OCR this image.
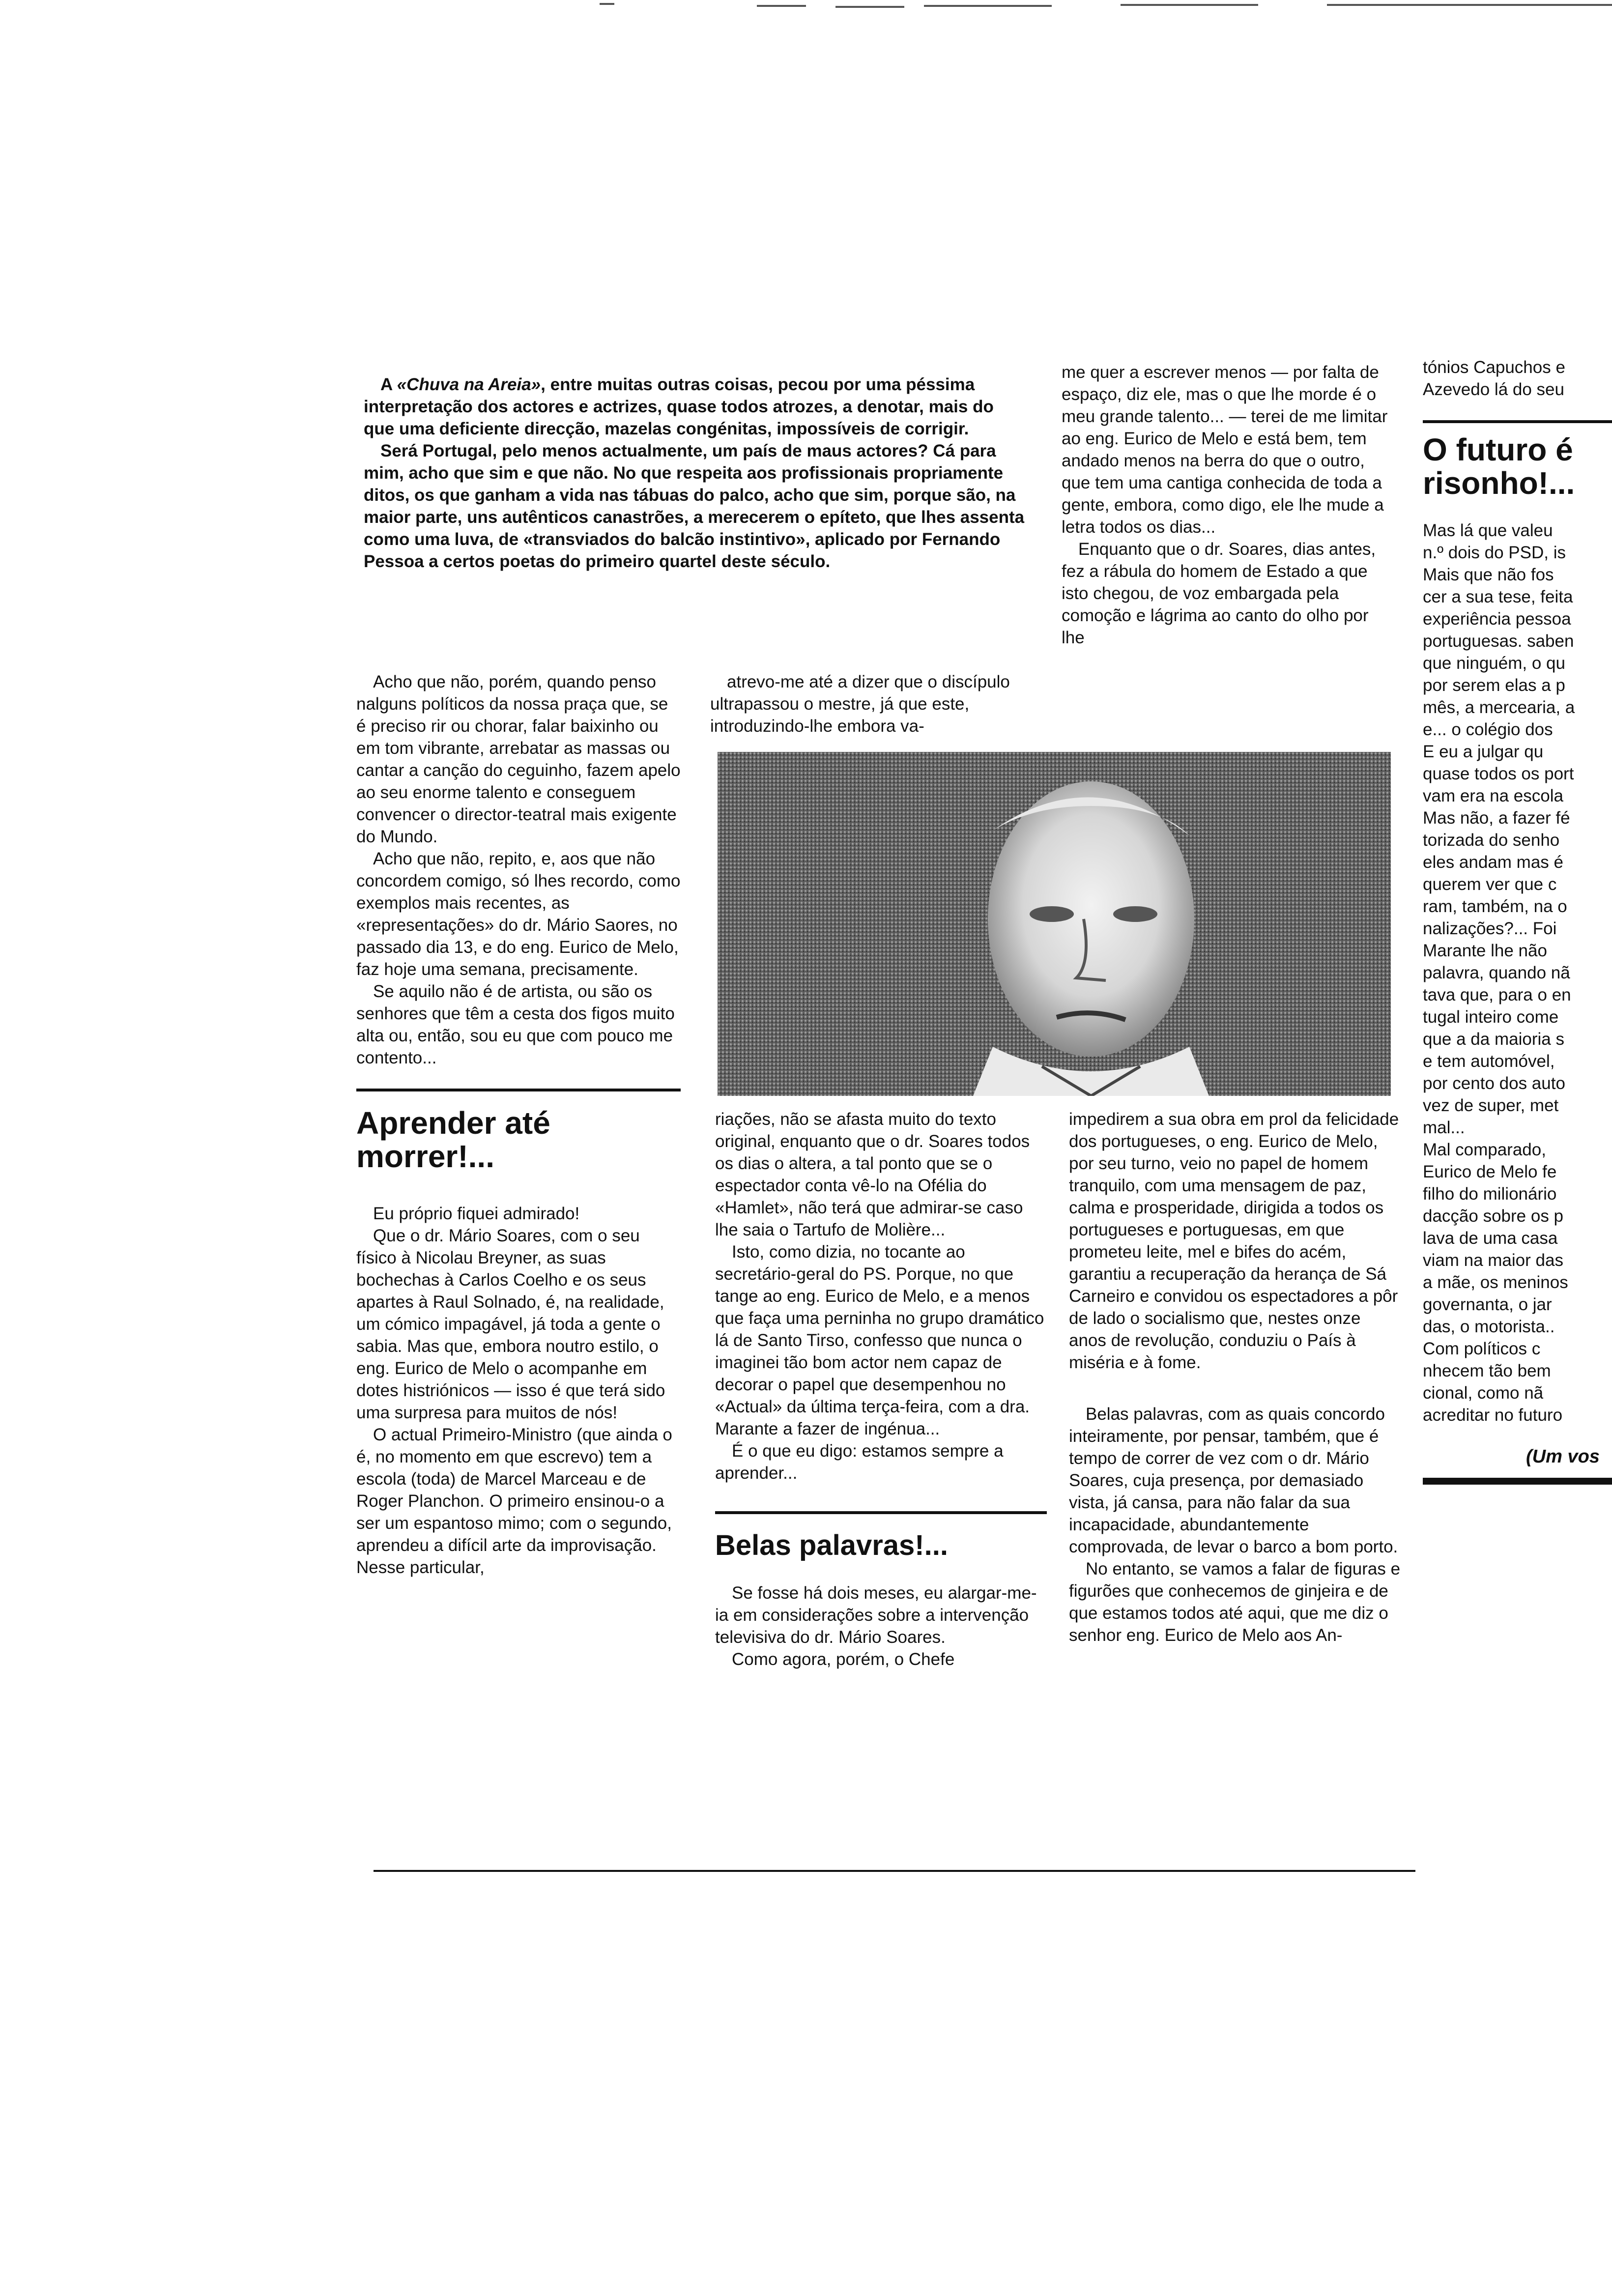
A «Chuva na Areia», entre muitas outras coisas, pecou por uma péssima interpretação dos actores e actrizes, quase todos atrozes, a denotar, mais do que uma deficiente direcção, mazelas congénitas, impossíveis de corrigir.

Será Portugal, pelo menos actualmente, um país de maus actores? Cá para mim, acho que sim e que não. No que respeita aos profissionais propriamente ditos, os que ganham a vida nas tábuas do palco, acho que sim, porque são, na maior parte, uns autênticos canastrões, a merecerem o epíteto, que lhes assenta como uma luva, de «transviados do balcão instintivo», aplicado por Fernando Pessoa a certos poetas do primeiro quartel deste século.

Acho que não, porém, quando penso nalguns políticos da nossa praça que, se é preciso rir ou chorar, falar baixinho ou em tom vibrante, arrebatar as massas ou cantar a canção do ceguinho, fazem apelo ao seu enorme talento e conseguem convencer o director-teatral mais exigente do Mundo.

Acho que não, repito, e, aos que não concordem comigo, só lhes recordo, como exemplos mais recentes, as «representações» do dr. Mário Saores, no passado dia 13, e do eng. Eurico de Melo, faz hoje uma semana, precisamente.

Se aquilo não é de artista, ou são os senhores que têm a cesta dos figos muito alta ou, então, sou eu que com pouco me contento...

Aprender até morrer!...

Eu próprio fiquei admirado!

Que o dr. Mário Soares, com o seu físico à Nicolau Breyner, as suas bochechas à Carlos Coelho e os seus apartes à Raul Solnado, é, na realidade, um cómico impagável, já toda a gente o sabia. Mas que, embora noutro estilo, o eng. Eurico de Melo o acompanhe em dotes histriónicos — isso é que terá sido uma surpresa para muitos de nós!

O actual Primeiro-Ministro (que ainda o é, no momento em que escrevo) tem a escola (toda) de Marcel Marceau e de Roger Planchon. O primeiro ensinou-o a ser um espantoso mimo; com o segundo, aprendeu a difícil arte da improvisação. Nesse particular,

atrevo-me até a dizer que o discípulo ultrapassou o mestre, já que este, introduzindo-lhe embora va-

riações, não se afasta muito do texto original, enquanto que o dr. Soares todos os dias o altera, a tal ponto que se o espectador conta vê-lo na Ofélia do «Hamlet», não terá que admirar-se caso lhe saia o Tartufo de Molière...

Isto, como dizia, no tocante ao secretário-geral do PS. Porque, no que tange ao eng. Eurico de Melo, e a menos que faça uma perninha no grupo dramático lá de Santo Tirso, confesso que nunca o imaginei tão bom actor nem capaz de decorar o papel que desempenhou no «Actual» da última terça-feira, com a dra. Marante a fazer de ingénua...

É o que eu digo: estamos sempre a aprender...

Belas palavras!...

Se fosse há dois meses, eu alargar-me-ia em considerações sobre a intervenção televisiva do dr. Mário Soares.

Como agora, porém, o Chefe

me quer a escrever menos — por falta de espaço, diz ele, mas o que lhe morde é o meu grande talento... — terei de me limitar ao eng. Eurico de Melo e está bem, tem andado menos na berra do que o outro, que tem uma cantiga conhecida de toda a gente, embora, como digo, ele lhe mude a letra todos os dias...

Enquanto que o dr. Soares, dias antes, fez a rábula do homem de Estado a que isto chegou, de voz embargada pela comoção e lágrima ao canto do olho por lhe

impedirem a sua obra em prol da felicidade dos portugueses, o eng. Eurico de Melo, por seu turno, veio no papel de homem tranquilo, com uma mensagem de paz, calma e prosperidade, dirigida a todos os portugueses e portuguesas, em que prometeu leite, mel e bifes do acém, garantiu a recuperação da herança de Sá Carneiro e convidou os espectadores a pôr de lado o socialismo que, nestes onze anos de revolução, conduziu o País à miséria e à fome.

Belas palavras, com as quais concordo inteiramente, por pensar, também, que é tempo de correr de vez com o dr. Mário Soares, cuja presença, por demasiado vista, já cansa, para não falar da sua incapacidade, abundantemente comprovada, de levar o barco a bom porto.

No entanto, se vamos a falar de figuras e figurões que conhecemos de ginjeira e de que estamos todos até aqui, que me diz o senhor eng. Eurico de Melo aos An-

tónios Capuchos e
Azevedo lá do seu
O futuro é
risonho!...
Mas lá que valeu
n.º dois do PSD, is
Mais que não fos
cer a sua tese, feita
experiência pessoa
portuguesas. saben
que ninguém, o qu
por serem elas a p
mês, a mercearia, a
e... o colégio dos
E eu a julgar qu
quase todos os port
vam era na escola
Mas não, a fazer fé
torizada do senho
eles andam mas é
querem ver que c
ram, também, na o
nalizações?... Foi
Marante lhe não
palavra, quando nã
tava que, para o en
tugal inteiro come
que a da maioria s
e tem automóvel,
por cento dos auto
vez de super, met
mal...
Mal comparado,
Eurico de Melo fe
filho do milionário
dacção sobre os p
lava de uma casa
viam na maior das
a mãe, os meninos
governanta, o jar
das, o motorista..
Com políticos c
nhecem tão bem
cional, como nã
acreditar no futuro
(Um vos
